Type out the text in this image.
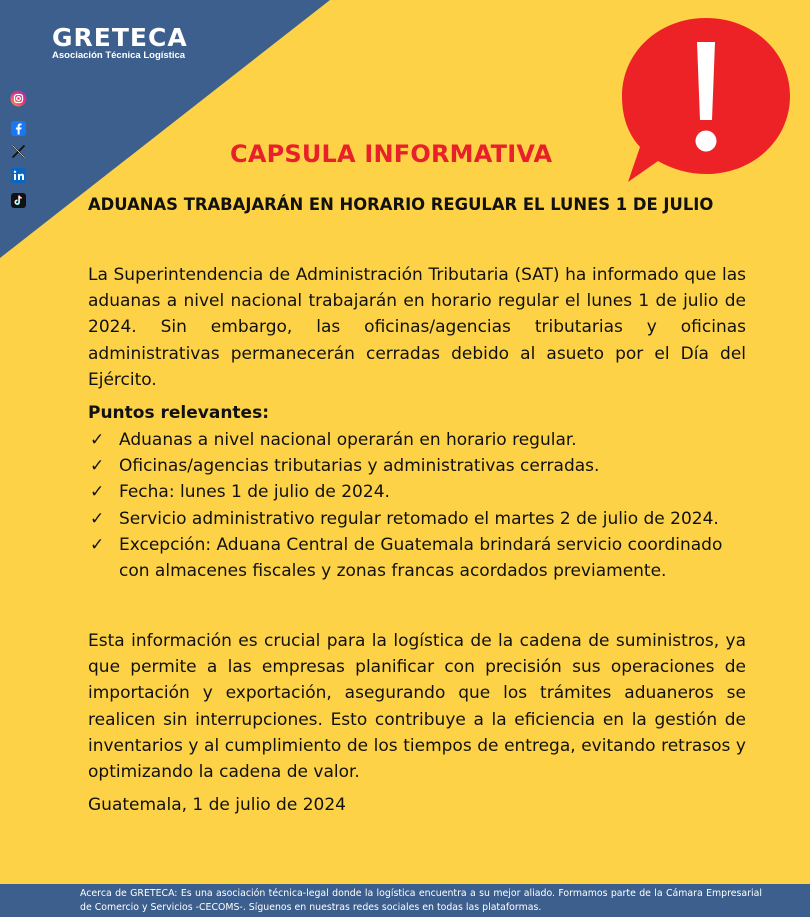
GRETECA
Asociación Técnica Logística
CAPSULA INFORMATIVA
ADUANAS TRABAJARÁN EN HORARIO REGULAR EL LUNES 1 DE JULIO

La Superintendencia de Administración Tributaria (SAT) ha informado que las aduanas a nivel nacional trabajarán en horario regular el lunes 1 de julio de 2024. Sin embargo, las oficinas/agencias tributarias y oficinas administrativas permanecerán cerradas debido al asueto por el Día del Ejército.

Puntos relevantes:
✓ Aduanas a nivel nacional operarán en horario regular.
✓ Oficinas/agencias tributarias y administrativas cerradas.
✓ Fecha: lunes 1 de julio de 2024.
✓ Servicio administrativo regular retomado el martes 2 de julio de 2024.
✓ Excepción: Aduana Central de Guatemala brindará servicio coordinado con almacenes fiscales y zonas francas acordados previamente.

Esta información es crucial para la logística de la cadena de suministros, ya que permite a las empresas planificar con precisión sus operaciones de importación y exportación, asegurando que los trámites aduaneros se realicen sin interrupciones. Esto contribuye a la eficiencia en la gestión de inventarios y al cumplimiento de los tiempos de entrega, evitando retrasos y optimizando la cadena de valor.

Guatemala, 1 de julio de 2024
Acerca de GRETECA: Es una asociación técnica-legal donde la logística encuentra a su mejor aliado. Formamos parte de la Cámara Empresarial de Comercio y Servicios -CECOMS-. Síguenos en nuestras redes sociales en todas las plataformas.
